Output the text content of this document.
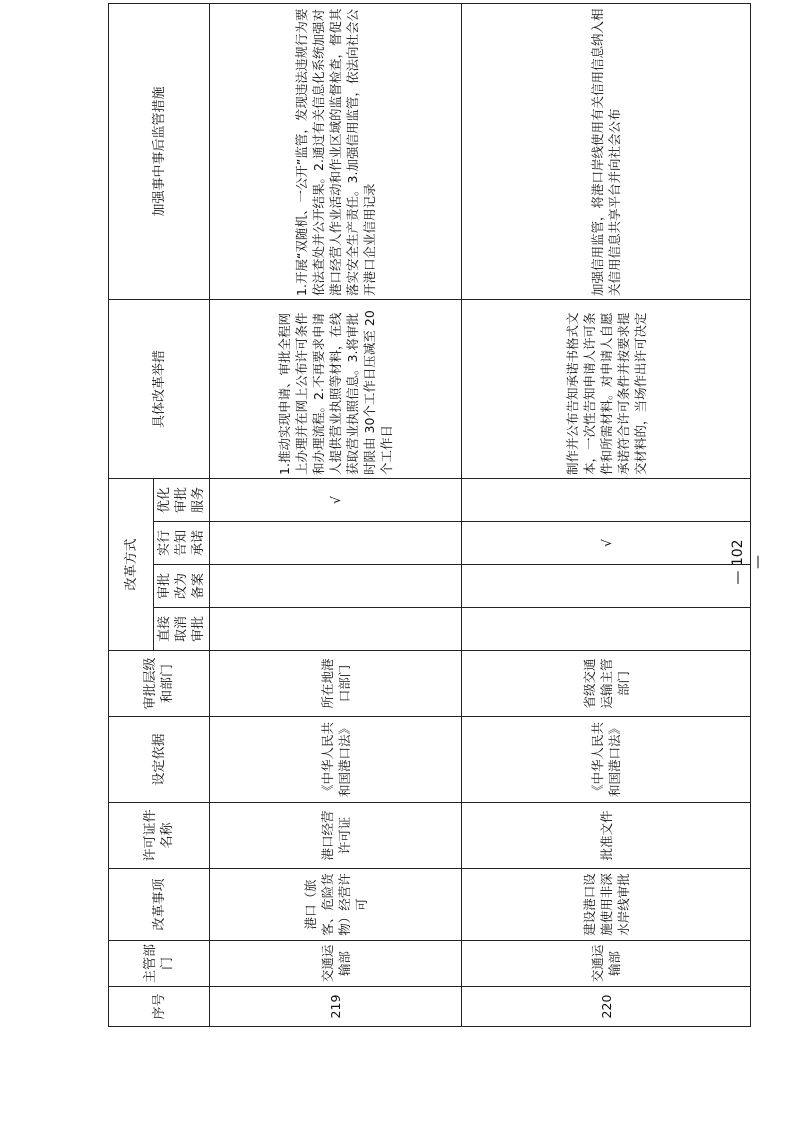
序号	主管部门	改革事项	许可证件名称	设定依据	审批层级和部门	改革方式				具体改革举措	加强事中事后监管措施
						直接取消审批	审批改为备案	实行告知承诺	优化审批服务		
219	交通运输部	港口（旅客、危险货物）经营许可	港口经营许可证	《中华人民共和国港口法》	所在地港口部门				√	1.推动实现申请、审批全程网上办理并在网上公布许可条件和办理流程。2.不再要求申请人提供营业执照等材料，在线获取营业执照信息。3.将审批时限由 30个工作日压减至 20个工作日	1.开展“双随机、一公开”监管，发现违法违规行为要依法查处并公开结果。2.通过有关信息化系统加强对港口经营人作业活动和作业区域的监督检查，督促其落实安全生产责任。3.加强信用监管，依法向社会公开港口企业信用记录
220	交通运输部	建设港口设施使用非深水岸线审批	批准文件	《中华人民共和国港口法》	省级交通运输主管部门			√		制作并公布告知承诺书格式文本，一次性告知申请人许可条件和所需材料。对申请人自愿承诺符合许可条件并按要求提交材料的，当场作出许可决定	加强信用监管，将港口岸线使用有关信用信息纳入相关信用信息共享平台并向社会公布
— 102 —
